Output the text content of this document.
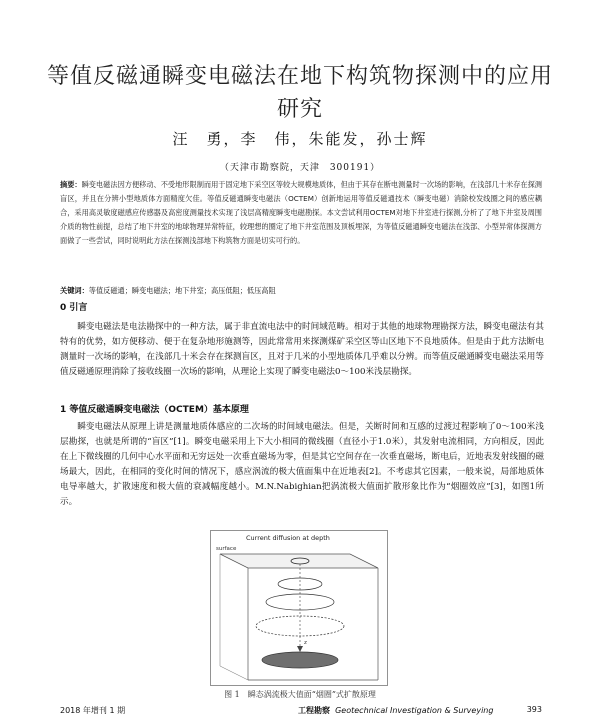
等值反磁通瞬变电磁法在地下构筑物探测中的应用研究
汪　勇，李　伟，朱能发，孙士辉
（天津市勘察院，天津　300191）
摘要：瞬变电磁法因方便移动、不受地形限制而用于固定地下采空区等较大规模地质体，但由于其存在断电测量时一次场的影响，在浅部几十米存在探测盲区，并且在分辨小型地质体方面精度欠佳。等值反磁通瞬变电磁法（OCTEM）创新地运用等值反磁通技术（瞬变电磁）消除校发线圈之间的感应耦合，采用高灵敏度磁感应传感器及高密度测量技术实现了浅层高精度瞬变电磁勘探。本文尝试利用OCTEM对地下井室进行探测,分析了了地下井室及周围介质的物性前提，总结了地下井室的地球物理异常特征，较理想的圈定了地下井室范围及顶板埋深，为等值反磁通瞬变电磁法在浅部、小型异常体探测方面做了一些尝试，同时说明此方法在探测浅部地下构筑物方面是切实可行的。
关键词：等值反磁通；瞬变电磁法；地下井室；高压低阻；低压高阻
0 引言
瞬变电磁法是电法勘探中的一种方法，属于非直流电法中的时间域范畴。相对于其他的地球物理勘探方法，瞬变电磁法有其特有的优势，如方便移动、便于在复杂地形施测等，因此常常用来探测煤矿采空区等山区地下不良地质体。但是由于此方法断电测量时一次场的影响，在浅部几十米会存在探测盲区，且对于几米的小型地质体几乎难以分辨。而等值反磁通瞬变电磁法采用等值反磁通原理消除了接收线圈一次场的影响，从理论上实现了瞬变电磁法0～100米浅层勘探。
1 等值反磁通瞬变电磁法（OCTEM）基本原理
瞬变电磁法从原理上讲是测量地质体感应的二次场的时间域电磁法。但是，关断时间和互感的过渡过程影响了0～100米浅层勘探，也就是所谓的“盲区”[1]。瞬变电磁采用上下大小相同的微线圈（直径小于1.0米），其发射电流相同，方向相反，因此在上下微线圈的几何中心水平面和无穷远处一次垂直磁场为零，但是其它空间存在一次垂直磁场，断电后，近地表发射线圈的磁场最大，因此，在相同的变化时间的情况下，感应涡流的极大值面集中在近地表[2]。不考虑其它因素，一般来说，局部地质体电导率越大，扩散速度和极大值的衰减幅度越小。M.N.Nabighian把涡流极大值面扩散形象比作为“烟圈效应”[3]，如图1所示。
Current diffusion at depth
surface
z
图 1　瞬态涡流极大值面“烟圈”式扩散原理
2018 年增刊 1 期	工程勘察 Geotechnical Investigation & Surveying	393
